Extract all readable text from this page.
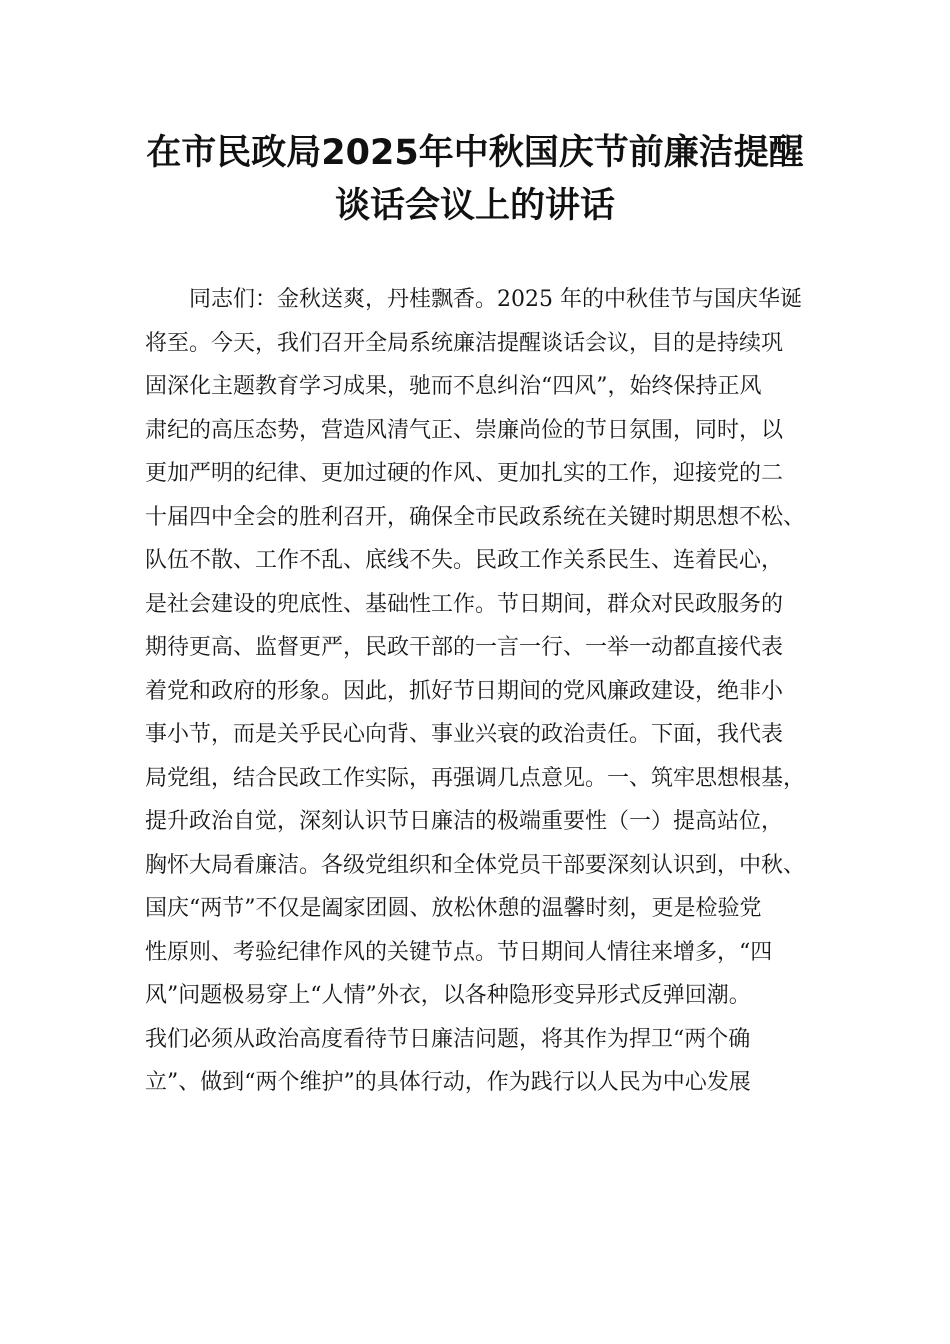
在市民政局2025年中秋国庆节前廉洁提醒
谈话会议上的讲话
同志们：金秋送爽，丹桂飘香。2025 年的中秋佳节与国庆华诞
将至。今天，我们召开全局系统廉洁提醒谈话会议，目的是持续巩
固深化主题教育学习成果，驰而不息纠治“四风”，始终保持正风
肃纪的高压态势，营造风清气正、崇廉尚俭的节日氛围，同时，以
更加严明的纪律、更加过硬的作风、更加扎实的工作，迎接党的二
十届四中全会的胜利召开，确保全市民政系统在关键时期思想不松、
队伍不散、工作不乱、底线不失。民政工作关系民生、连着民心，
是社会建设的兜底性、基础性工作。节日期间，群众对民政服务的
期待更高、监督更严，民政干部的一言一行、一举一动都直接代表
着党和政府的形象。因此，抓好节日期间的党风廉政建设，绝非小
事小节，而是关乎民心向背、事业兴衰的政治责任。下面，我代表
局党组，结合民政工作实际，再强调几点意见。一、筑牢思想根基，
提升政治自觉，深刻认识节日廉洁的极端重要性（一）提高站位，
胸怀大局看廉洁。各级党组织和全体党员干部要深刻认识到，中秋、
国庆“两节”不仅是阖家团圆、放松休憩的温馨时刻，更是检验党
性原则、考验纪律作风的关键节点。节日期间人情往来增多，“四
风”问题极易穿上“人情”外衣，以各种隐形变异形式反弹回潮。
我们必须从政治高度看待节日廉洁问题，将其作为捍卫“两个确
立”、做到“两个维护”的具体行动，作为践行以人民为中心发展
